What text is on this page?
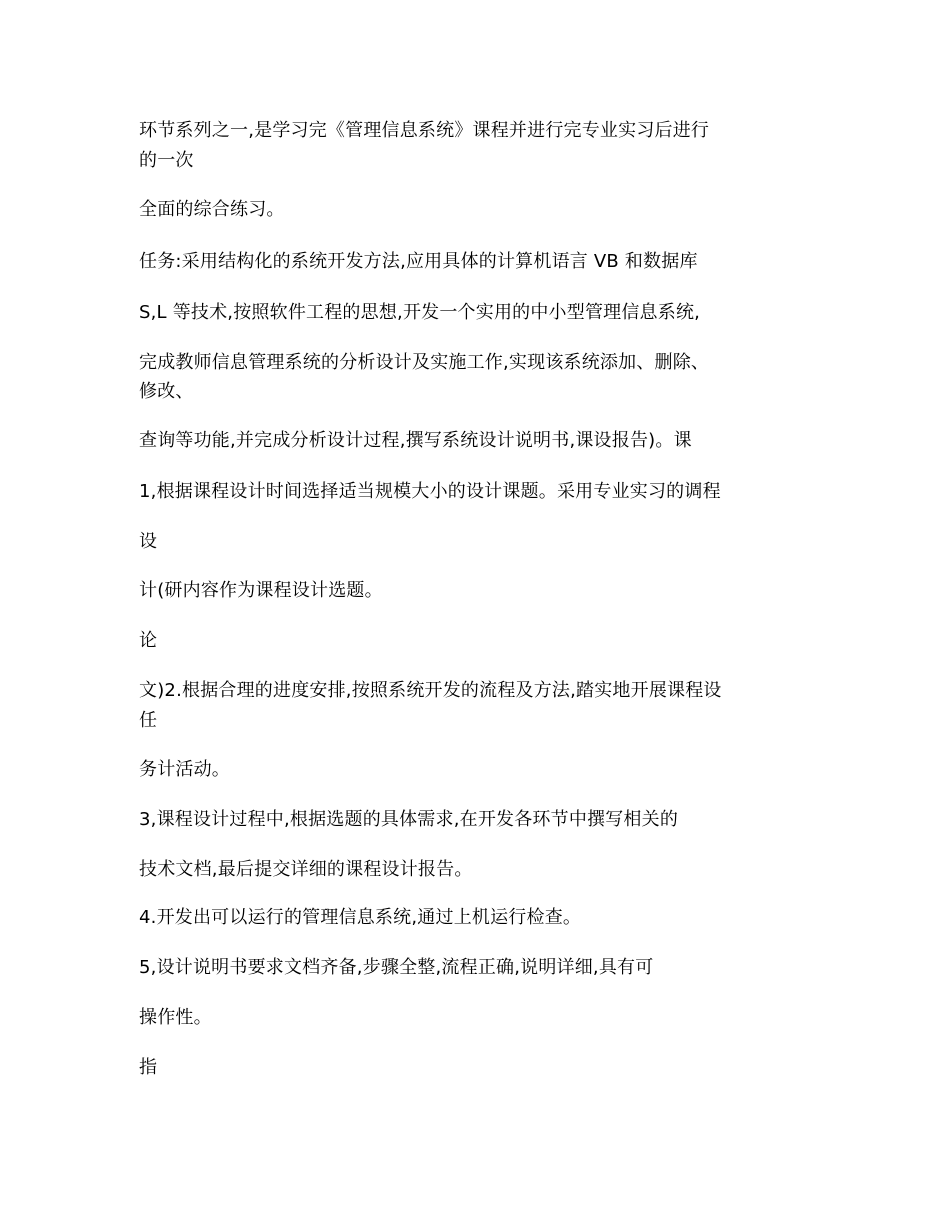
环节系列之一,是学习完《管理信息系统》课程并进行完专业实习后进行
的一次
全面的综合练习。
任务:采用结构化的系统开发方法,应用具体的计算机语言 VB 和数据库
S,L 等技术,按照软件工程的思想,开发一个实用的中小型管理信息系统,
完成教师信息管理系统的分析设计及实施工作,实现该系统添加、删除、
修改、
查询等功能,并完成分析设计过程,撰写系统设计说明书,课设报告)。课
1,根据课程设计时间选择适当规模大小的设计课题。采用专业实习的调程
设
计(研内容作为课程设计选题。
论
文)2.根据合理的进度安排,按照系统开发的流程及方法,踏实地开展课程设
任
务计活动。
3,课程设计过程中,根据选题的具体需求,在开发各环节中撰写相关的
技术文档,最后提交详细的课程设计报告。
4.开发出可以运行的管理信息系统,通过上机运行检查。
5,设计说明书要求文档齐备,步骤全整,流程正确,说明详细,具有可
操作性。
指
